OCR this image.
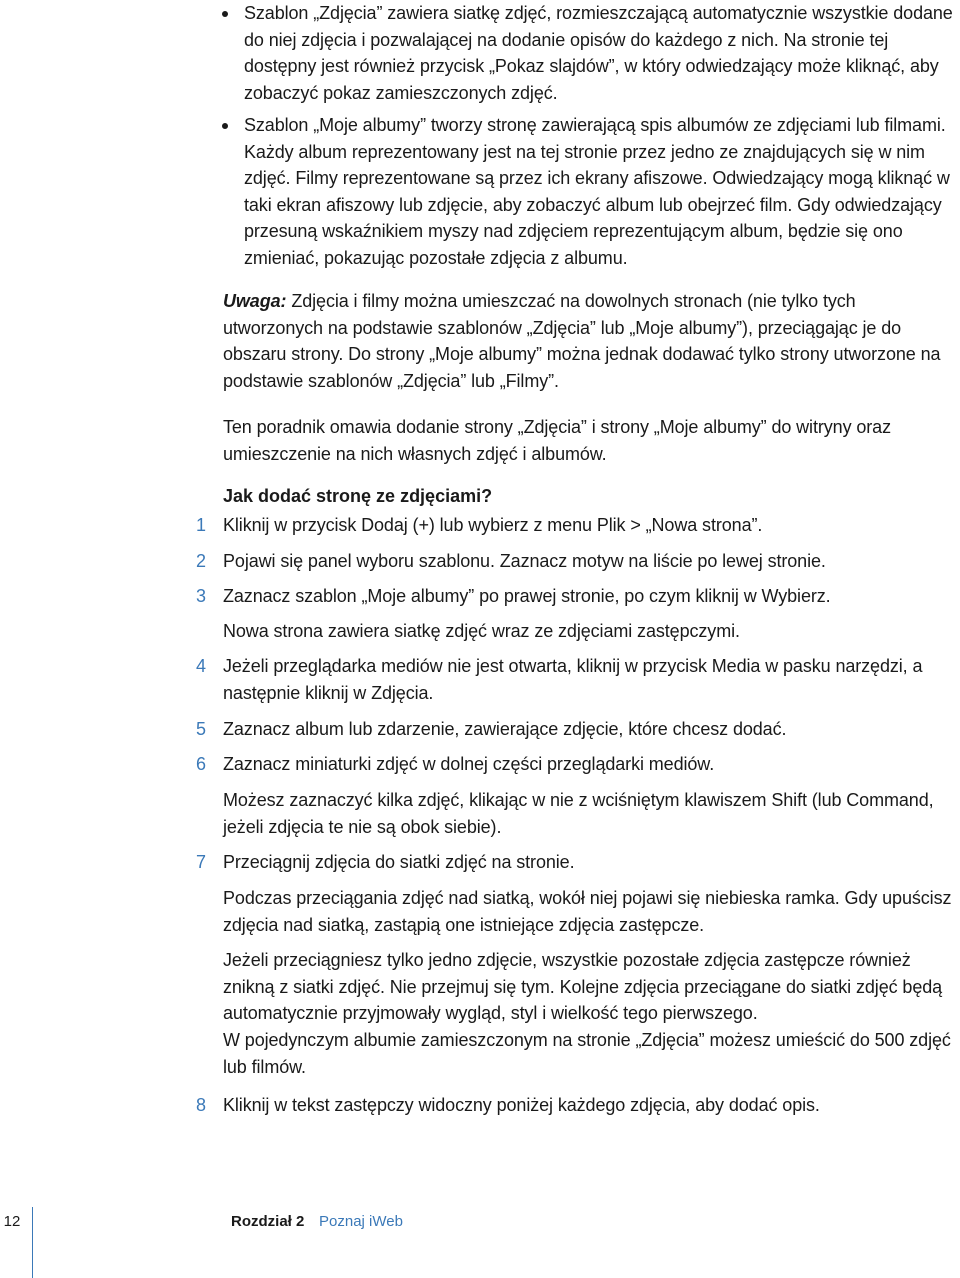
Szablon „Zdjęcia” zawiera siatkę zdjęć, rozmieszczającą automatycznie wszystkie dodane do niej zdjęcia i pozwalającej na dodanie opisów do każdego z nich. Na stronie tej dostępny jest również przycisk „Pokaz slajdów”, w który odwiedzający może kliknąć, aby zobaczyć pokaz zamieszczonych zdjęć.
Szablon „Moje albumy” tworzy stronę zawierającą spis albumów ze zdjęciami lub filmami. Każdy album reprezentowany jest na tej stronie przez jedno ze znajdujących się w nim zdjęć. Filmy reprezentowane są przez ich ekrany afiszowe. Odwiedzający mogą kliknąć w taki ekran afiszowy lub zdjęcie, aby zobaczyć album lub obejrzeć film. Gdy odwiedzający przesuną wskaźnikiem myszy nad zdjęciem reprezentującym album, będzie się ono zmieniać, pokazując pozostałe zdjęcia z albumu.

Uwaga: Zdjęcia i filmy można umieszczać na dowolnych stronach (nie tylko tych utworzonych na podstawie szablonów „Zdjęcia” lub „Moje albumy”), przeciągając je do obszaru strony. Do strony „Moje albumy” można jednak dodawać tylko strony utworzone na podstawie szablonów „Zdjęcia” lub „Filmy”.

Ten poradnik omawia dodanie strony „Zdjęcia” i strony „Moje albumy” do witryny oraz umieszczenie na nich własnych zdjęć i albumów.

Jak dodać stronę ze zdjęciami?
1 Kliknij w przycisk Dodaj (+) lub wybierz z menu Plik > „Nowa strona”.
2 Pojawi się panel wyboru szablonu. Zaznacz motyw na liście po lewej stronie.
3 Zaznacz szablon „Moje albumy” po prawej stronie, po czym kliknij w Wybierz.

Nowa strona zawiera siatkę zdjęć wraz ze zdjęciami zastępczymi.

4 Jeżeli przeglądarka mediów nie jest otwarta, kliknij w przycisk Media w pasku narzędzi, a następnie kliknij w Zdjęcia.
5 Zaznacz album lub zdarzenie, zawierające zdjęcie, które chcesz dodać.
6 Zaznacz miniaturki zdjęć w dolnej części przeglądarki mediów.

Możesz zaznaczyć kilka zdjęć, klikając w nie z wciśniętym klawiszem Shift (lub Command, jeżeli zdjęcia te nie są obok siebie).

7 Przeciągnij zdjęcia do siatki zdjęć na stronie.

Podczas przeciągania zdjęć nad siatką, wokół niej pojawi się niebieska ramka. Gdy upuścisz zdjęcia nad siatką, zastąpią one istniejące zdjęcia zastępcze.

Jeżeli przeciągniesz tylko jedno zdjęcie, wszystkie pozostałe zdjęcia zastępcze również znikną z siatki zdjęć. Nie przejmuj się tym. Kolejne zdjęcia przeciągane do siatki zdjęć będą automatycznie przyjmowały wygląd, styl i wielkość tego pierwszego.

W pojedynczym albumie zamieszczonym na stronie „Zdjęcia” możesz umieścić do 500 zdjęć lub filmów.

8 Kliknij w tekst zastępczy widoczny poniżej każdego zdjęcia, aby dodać opis.
12	Rozdział 2 Poznaj iWeb
